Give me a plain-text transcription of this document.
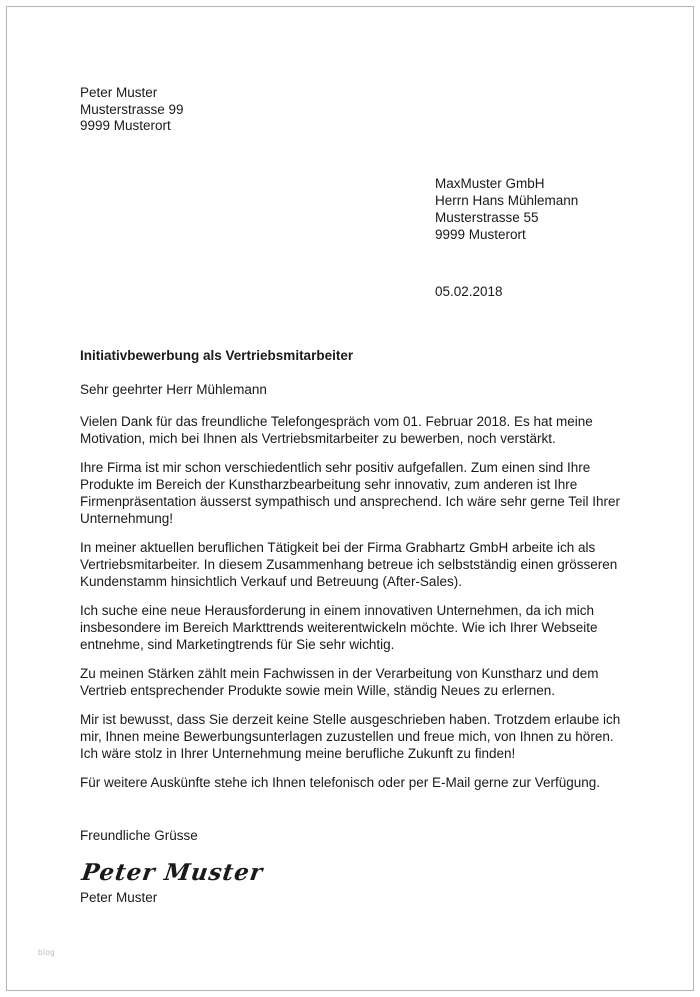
Peter Muster
Musterstrasse 99
9999 Musterort
MaxMuster GmbH
Herrn Hans Mühlemann
Musterstrasse 55
9999 Musterort
05.02.2018
Initiativbewerbung als Vertriebsmitarbeiter
Sehr geehrter Herr Mühlemann

Vielen Dank für das freundliche Telefongespräch vom 01. Februar 2018. Es hat meine Motivation, mich bei Ihnen als Vertriebsmitarbeiter zu bewerben, noch verstärkt.

Ihre Firma ist mir schon verschiedentlich sehr positiv aufgefallen. Zum einen sind Ihre Produkte im Bereich der Kunstharzbearbeitung sehr innovativ, zum anderen ist Ihre Firmenpräsentation äusserst sympathisch und ansprechend. Ich wäre sehr gerne Teil Ihrer Unternehmung!

In meiner aktuellen beruflichen Tätigkeit bei der Firma Grabhartz GmbH arbeite ich als Vertriebsmitarbeiter. In diesem Zusammenhang betreue ich selbstständig einen grösseren Kundenstamm hinsichtlich Verkauf und Betreuung (After-Sales).

Ich suche eine neue Herausforderung in einem innovativen Unternehmen, da ich mich insbesondere im Bereich Markttrends weiterentwickeln möchte. Wie ich Ihrer Webseite entnehme, sind Marketingtrends für Sie sehr wichtig.

Zu meinen Stärken zählt mein Fachwissen in der Verarbeitung von Kunstharz und dem Vertrieb entsprechender Produkte sowie mein Wille, ständig Neues zu erlernen.

Mir ist bewusst, dass Sie derzeit keine Stelle ausgeschrieben haben. Trotzdem erlaube ich mir, Ihnen meine Bewerbungsunterlagen zuzustellen und freue mich, von Ihnen zu hören. Ich wäre stolz in Ihrer Unternehmung meine berufliche Zukunft zu finden!

Für weitere Auskünfte stehe ich Ihnen telefonisch oder per E-Mail gerne zur Verfügung.

Freundliche Grüsse
Peter Muster
Peter Muster
blog
